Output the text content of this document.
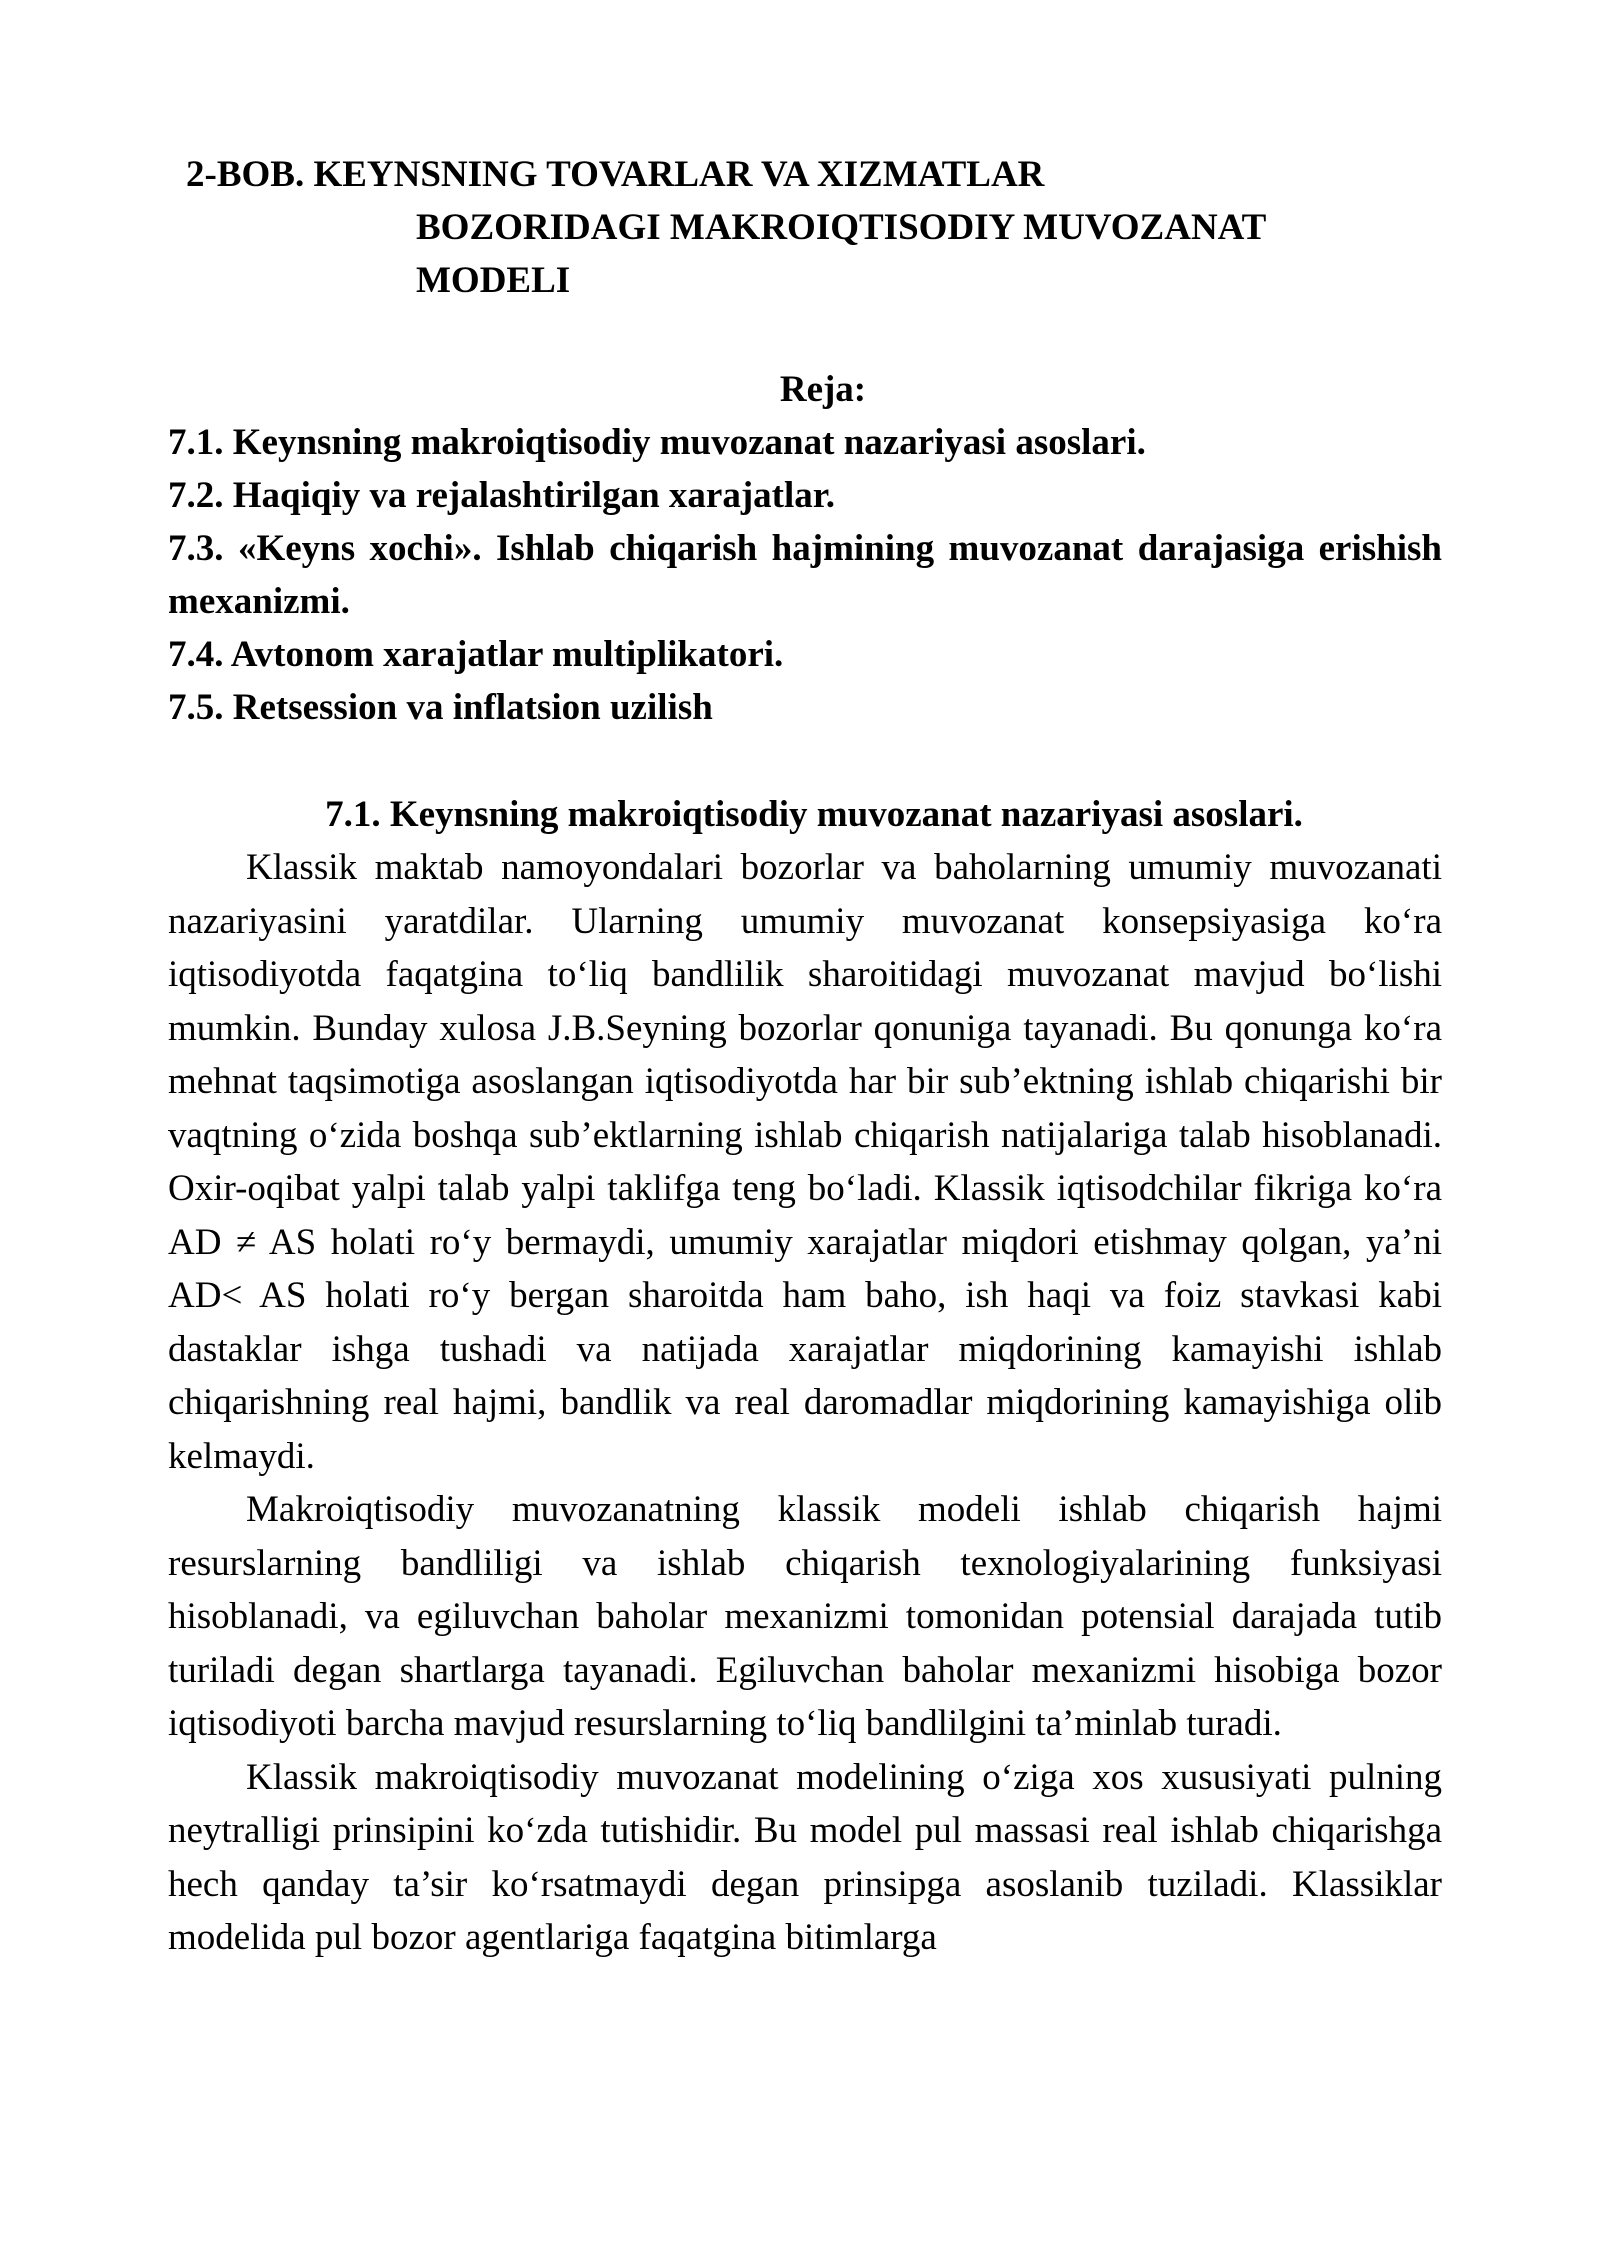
2-BOB. KEYNSNING TOVARLAR VA XIZMATLAR
BOZORIDAGI MAKROIQTISODIY MUVOZANAT
MODELI
Reja:
7.1. Keynsning makroiqtisodiy muvozanat nazariyasi asoslari.
7.2. Haqiqiy va rejalashtirilgan xarajatlar.
7.3. «Keyns xochi». Ishlab chiqarish hajmining muvozanat darajasiga erishish mexanizmi.
7.4. Avtonom xarajatlar multiplikatori.
7.5. Retsession va inflatsion uzilish
7.1. Keynsning makroiqtisodiy muvozanat nazariyasi asoslari.

Klassik maktab namoyondalari bozorlar va baholarning umumiy muvozanati nazariyasini yaratdilar. Ularning umumiy muvozanat konsepsiyasiga ko‘ra iqtisodiyotda faqatgina to‘liq bandlilik sharoitidagi muvozanat mavjud bo‘lishi mumkin. Bunday xulosa J.B.Seyning bozorlar qonuniga tayanadi. Bu qonunga ko‘ra mehnat taqsimotiga asoslangan iqtisodiyotda har bir sub’ektning ishlab chiqarishi bir vaqtning o‘zida boshqa sub’ektlarning ishlab chiqarish natijalariga talab hisoblanadi. Oxir-oqibat yalpi talab yalpi taklifga teng bo‘ladi. Klassik iqtisodchilar fikriga ko‘ra AD ≠ AS holati ro‘y bermaydi, umumiy xarajatlar miqdori etishmay qolgan, ya’ni AD< AS holati ro‘y bergan sharoitda ham baho, ish haqi va foiz stavkasi kabi dastaklar ishga tushadi va natijada xarajatlar miqdorining kamayishi ishlab chiqarishning real hajmi, bandlik va real daromadlar miqdorining kamayishiga olib kelmaydi.

Makroiqtisodiy muvozanatning klassik modeli ishlab chiqarish hajmi resurslarning bandliligi va ishlab chiqarish texnologiyalarining funksiyasi hisoblanadi, va egiluvchan baholar mexanizmi tomonidan potensial darajada tutib turiladi degan shartlarga tayanadi. Egiluvchan baholar mexanizmi hisobiga bozor iqtisodiyoti barcha mavjud resurslarning to‘liq bandlilgini ta’minlab turadi.

Klassik makroiqtisodiy muvozanat modelining o‘ziga xos xususiyati pulning neytralligi prinsipini ko‘zda tutishidir. Bu model pul massasi real ishlab chiqarishga hech qanday ta’sir ko‘rsatmaydi degan prinsipga asoslanib tuziladi. Klassiklar modelida pul bozor agentlariga faqatgina bitimlarga
